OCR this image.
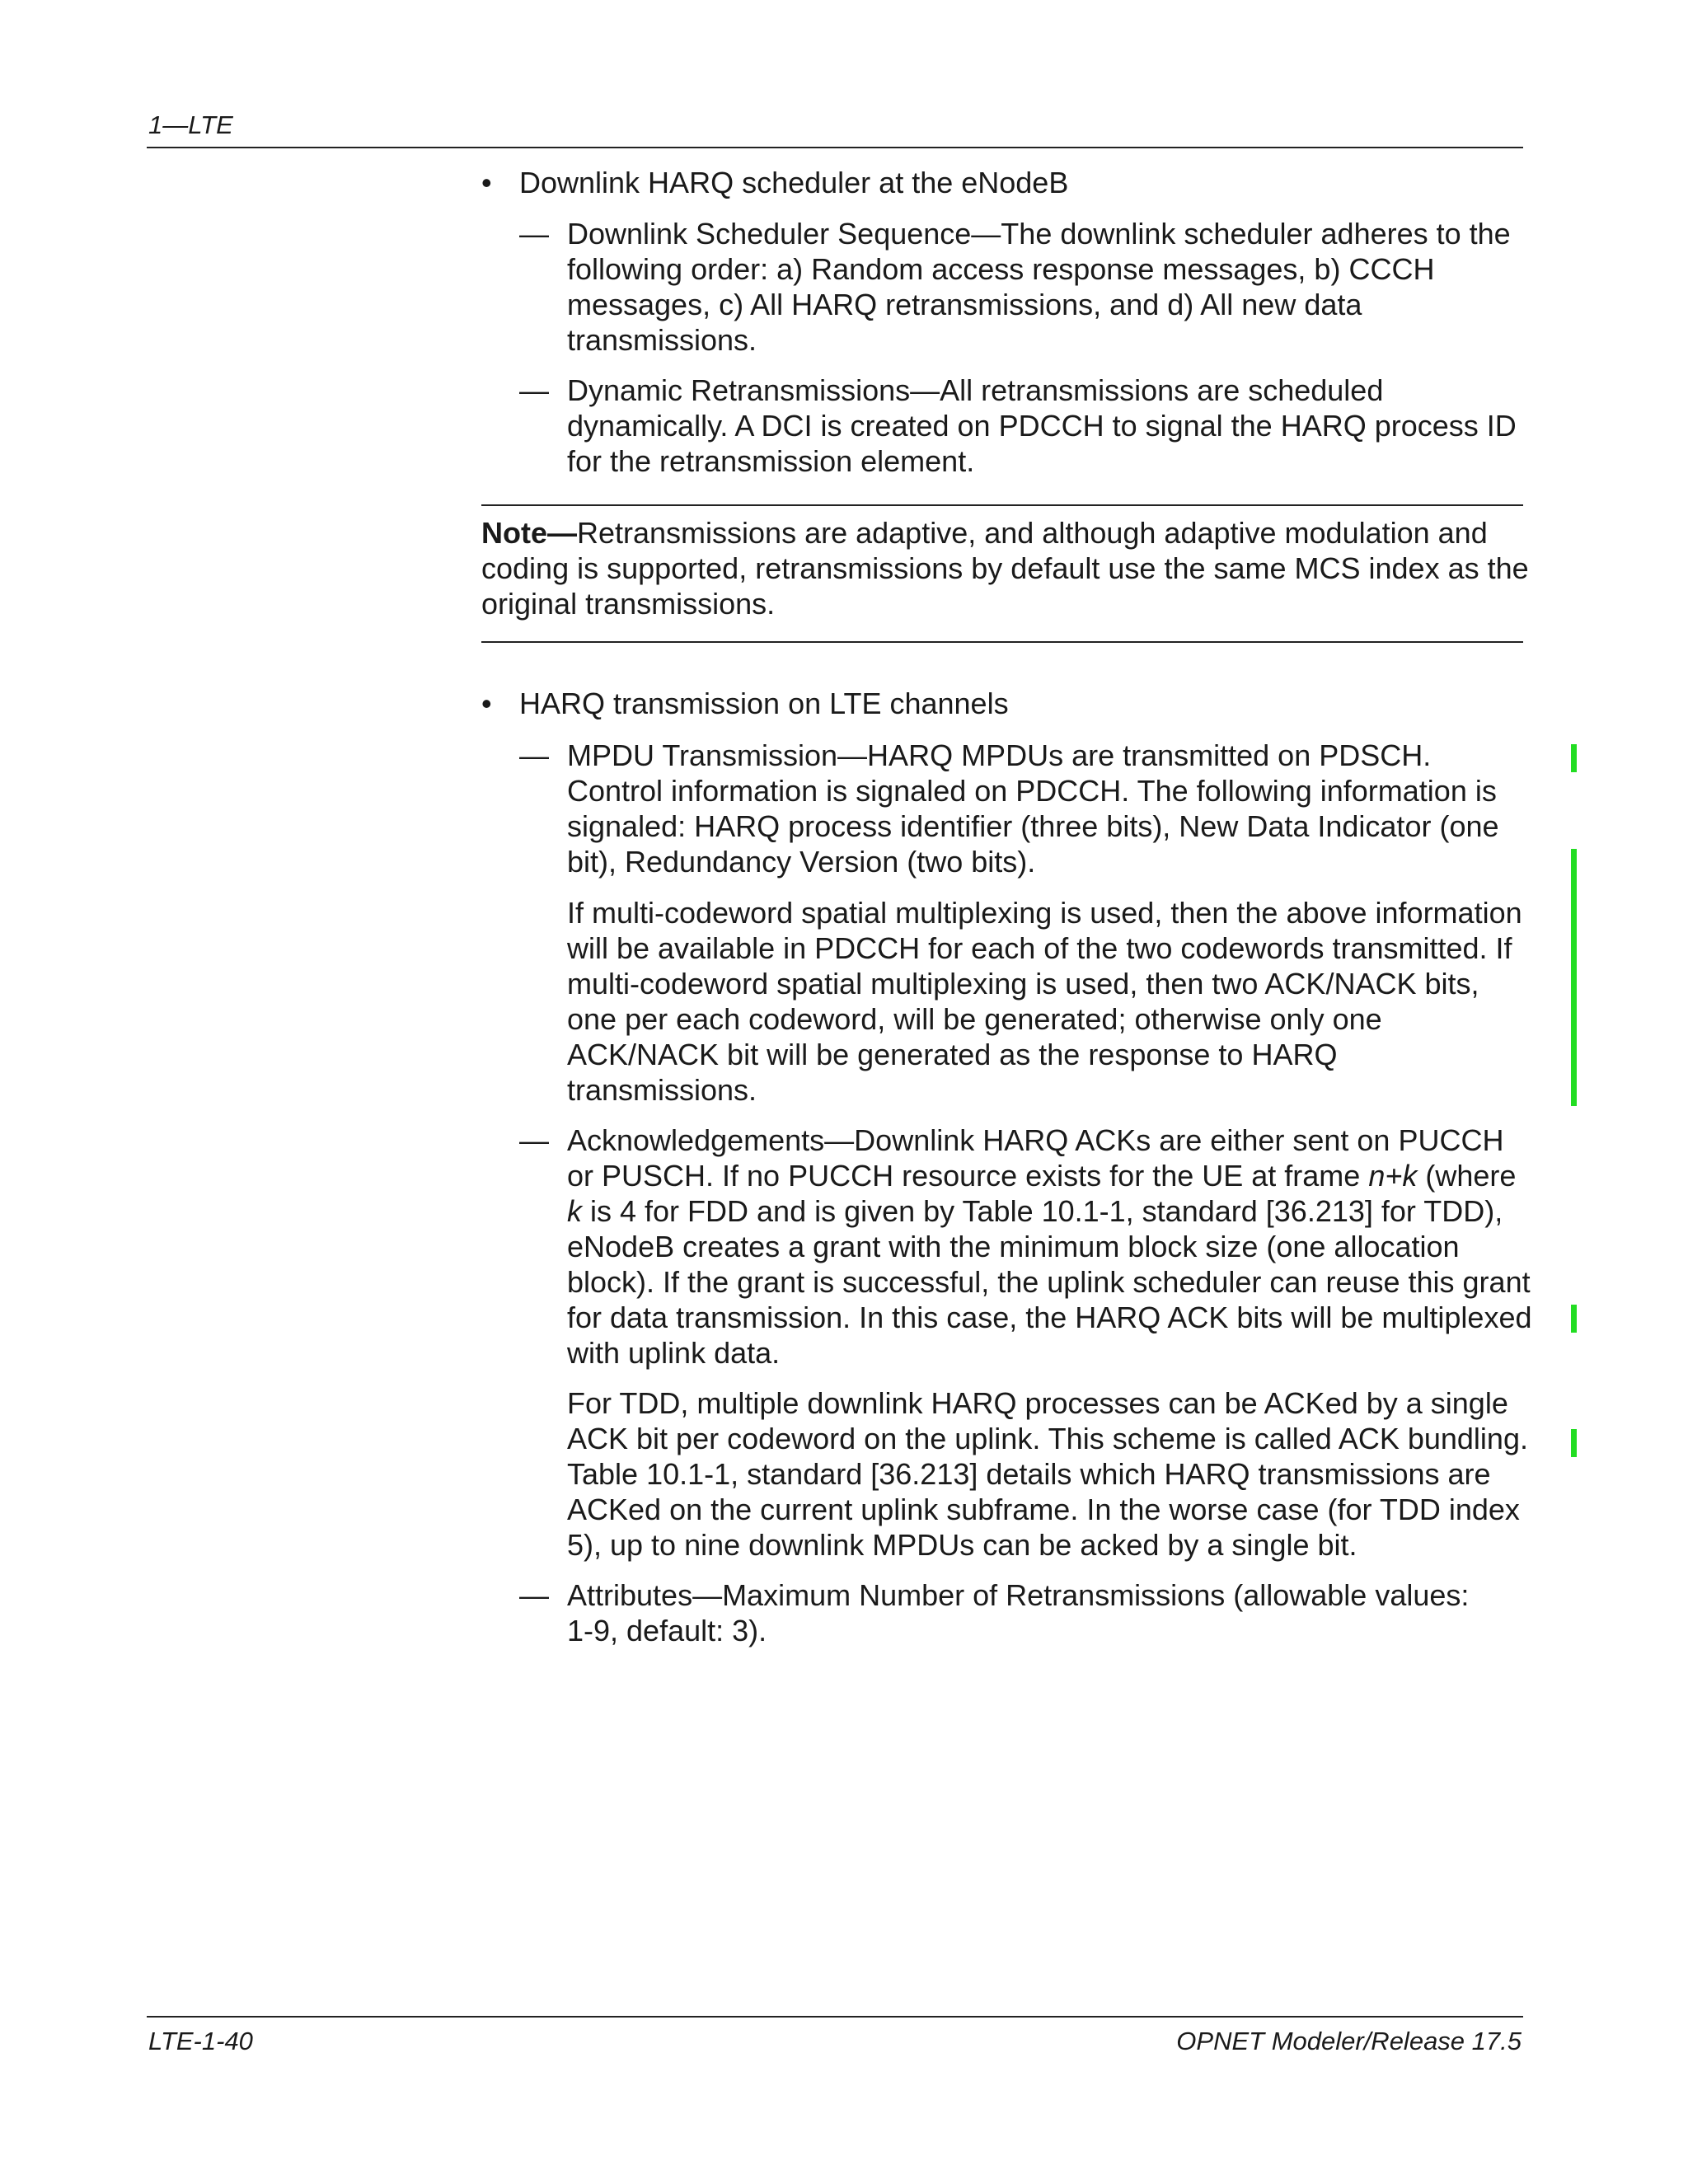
1—LTE
• Downlink HARQ scheduler at the eNodeB
— Downlink Scheduler Sequence—The downlink scheduler adheres to the
following order: a) Random access response messages, b) CCCH
messages, c) All HARQ retransmissions, and d) All new data
transmissions.
— Dynamic Retransmissions—All retransmissions are scheduled
dynamically. A DCI is created on PDCCH to signal the HARQ process ID
for the retransmission element.
Note—Retransmissions are adaptive, and although adaptive modulation and
coding is supported, retransmissions by default use the same MCS index as the
original transmissions.
• HARQ transmission on LTE channels
— MPDU Transmission—HARQ MPDUs are transmitted on PDSCH.
Control information is signaled on PDCCH. The following information is
signaled: HARQ process identifier (three bits), New Data Indicator (one
bit), Redundancy Version (two bits).
If multi-codeword spatial multiplexing is used, then the above information
will be available in PDCCH for each of the two codewords transmitted. If
multi-codeword spatial multiplexing is used, then two ACK/NACK bits,
one per each codeword, will be generated; otherwise only one
ACK/NACK bit will be generated as the response to HARQ
transmissions.
— Acknowledgements—Downlink HARQ ACKs are either sent on PUCCH
or PUSCH. If no PUCCH resource exists for the UE at frame n+k (where
k is 4 for FDD and is given by Table 10.1-1, standard [36.213] for TDD),
eNodeB creates a grant with the minimum block size (one allocation
block). If the grant is successful, the uplink scheduler can reuse this grant
for data transmission. In this case, the HARQ ACK bits will be multiplexed
with uplink data.
For TDD, multiple downlink HARQ processes can be ACKed by a single
ACK bit per codeword on the uplink. This scheme is called ACK bundling.
Table 10.1-1, standard [36.213] details which HARQ transmissions are
ACKed on the current uplink subframe. In the worse case (for TDD index
5), up to nine downlink MPDUs can be acked by a single bit.
— Attributes—Maximum Number of Retransmissions (allowable values:
1-9, default: 3).
LTE-1-40	OPNET Modeler/Release 17.5
